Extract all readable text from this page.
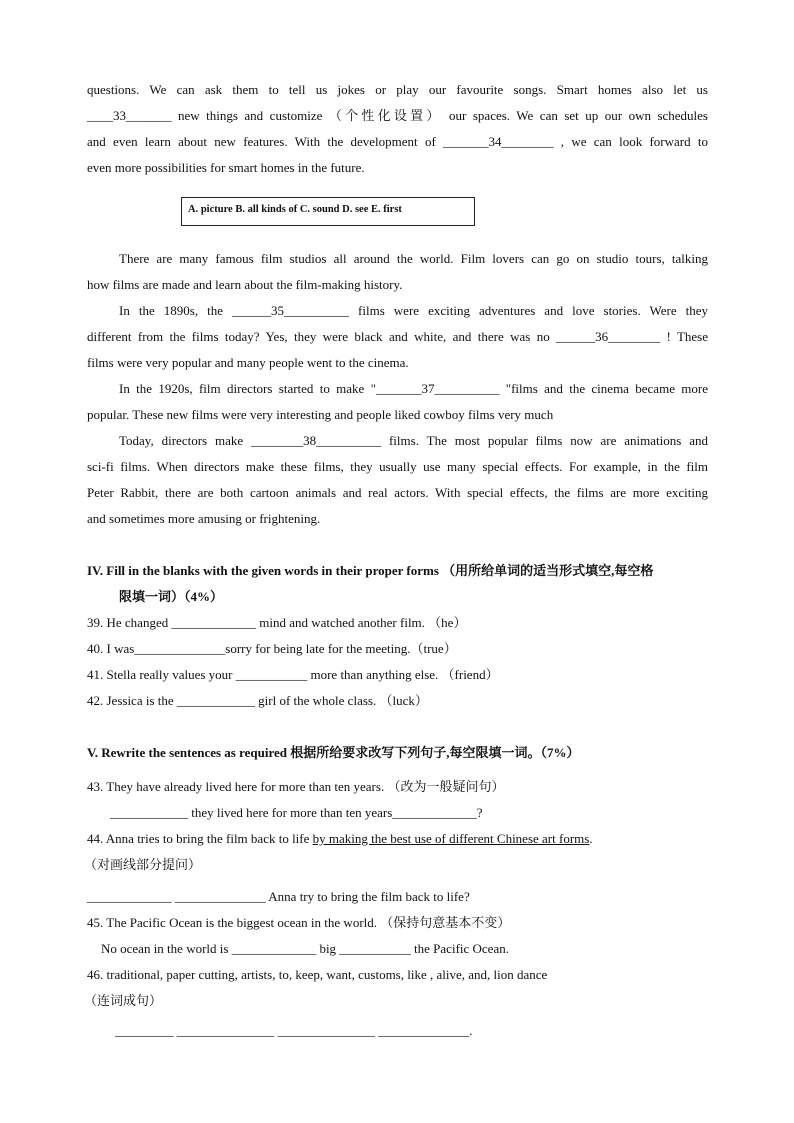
questions. We can ask them to tell us jokes or play our favourite songs. Smart homes also let us
____33_______ new things and customize （个性化设置） our spaces. We can set up our own schedules
and even learn about new features. With the development of _______34________ , we can look forward to
even more possibilities for smart homes in the future.
A. picture B. all kinds of C. sound D. see E. first
There are many famous film studios all around the world. Film lovers can go on studio tours, talking
how films are made and learn about the film-making history.
In the 1890s, the ______35__________ films were exciting adventures and love stories. Were they
different from the films today? Yes, they were black and white, and there was no ______36________ ! These
films were very popular and many people went to the cinema.
In the 1920s, film directors started to make "_______37__________ "films and the cinema became more
popular. These new films were very interesting and people liked cowboy films very much
Today, directors make ________38__________ films. The most popular films now are animations and
sci-fi films. When directors make these films, they usually use many special effects. For example, in the film
Peter Rabbit, there are both cartoon animals and real actors. With special effects, the films are more exciting
and sometimes more amusing or frightening.
IV. Fill in the blanks with the given words in their proper forms （用所给单词的适当形式填空,每空格
限填一词）（4%）
39. He changed _____________ mind and watched another film. （he）
40. I was______________sorry for being late for the meeting.（true）
41. Stella really values your ___________ more than anything else. （friend）
42. Jessica is the ____________ girl of the whole class. （luck）
V. Rewrite the sentences as required 根据所给要求改写下列句子,每空限填一词。（7%）
43. They have already lived here for more than ten years. （改为一般疑问句）
____________ they lived here for more than ten years_____________?
44. Anna tries to bring the film back to life by making the best use of different Chinese art forms.
（对画线部分提问）
_____________ ______________ Anna try to bring the film back to life?
45. The Pacific Ocean is the biggest ocean in the world. （保持句意基本不变）
No ocean in the world is _____________ big ___________ the Pacific Ocean.
46. traditional, paper cutting, artists, to, keep, want, customs, like , alive, and, lion dance
（连词成句）
_________ _______________ _______________ ______________.
